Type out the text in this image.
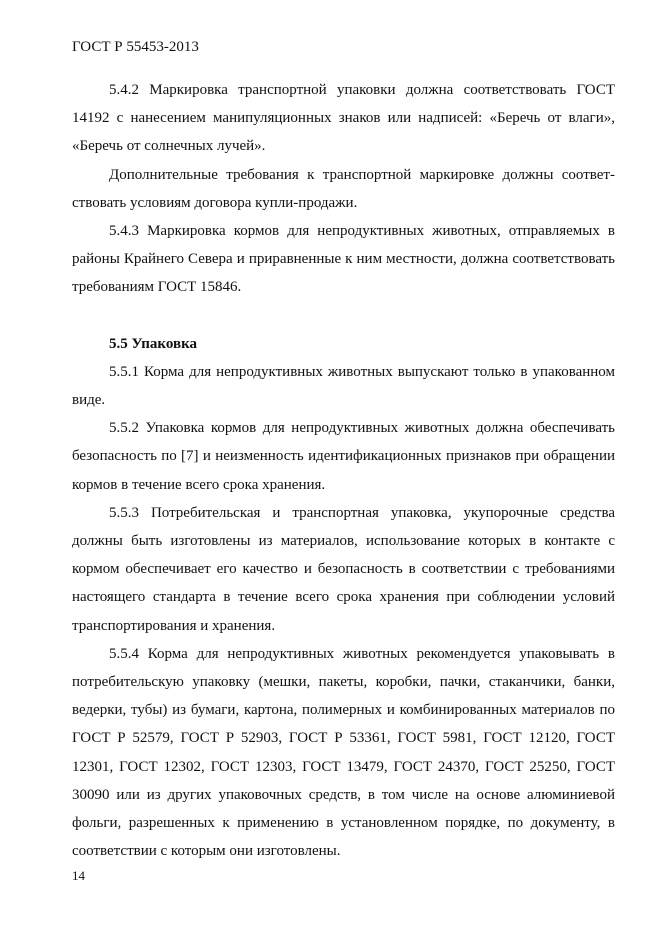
ГОСТ Р 55453-2013

5.4.2 Маркировка транспортной упаковки должна соответствовать ГОСТ 14192 с нанесением манипуляционных знаков или надписей: «Беречь от влаги», «Беречь от солнечных лучей».

Дополнительные требования к транспортной маркировке должны соответствовать условиям договора купли-продажи.

5.4.3 Маркировка кормов для непродуктивных животных, отправляемых в районы Крайнего Севера и приравненные к ним местности, должна соответствовать требованиям ГОСТ 15846.

5.5 Упаковка

5.5.1 Корма для непродуктивных животных выпускают только в упакованном виде.

5.5.2 Упаковка кормов для непродуктивных животных должна обеспечивать безопасность по [7] и неизменность идентификационных признаков при обращении кормов в течение всего срока хранения.

5.5.3 Потребительская и транспортная упаковка, укупорочные средства должны быть изготовлены из материалов, использование которых в контакте с кормом обеспечивает его качество и безопасность в соответствии с требованиями настоящего стандарта в течение всего срока хранения при соблюдении условий транспортирования и хранения.

5.5.4 Корма для непродуктивных животных рекомендуется упаковывать в потребительскую упаковку (мешки, пакеты, коробки, пачки, стаканчики, банки, ведерки, тубы) из бумаги, картона, полимерных и комбинированных материалов по ГОСТ Р 52579, ГОСТ Р 52903, ГОСТ Р 53361, ГОСТ 5981, ГОСТ 12120, ГОСТ 12301, ГОСТ 12302, ГОСТ 12303, ГОСТ 13479, ГОСТ 24370, ГОСТ 25250, ГОСТ 30090 или из других упаковочных средств, в том числе на основе алюминиевой фольги, разрешенных к применению в установленном порядке, по документу, в соответствии с которым они изготовлены.

14
